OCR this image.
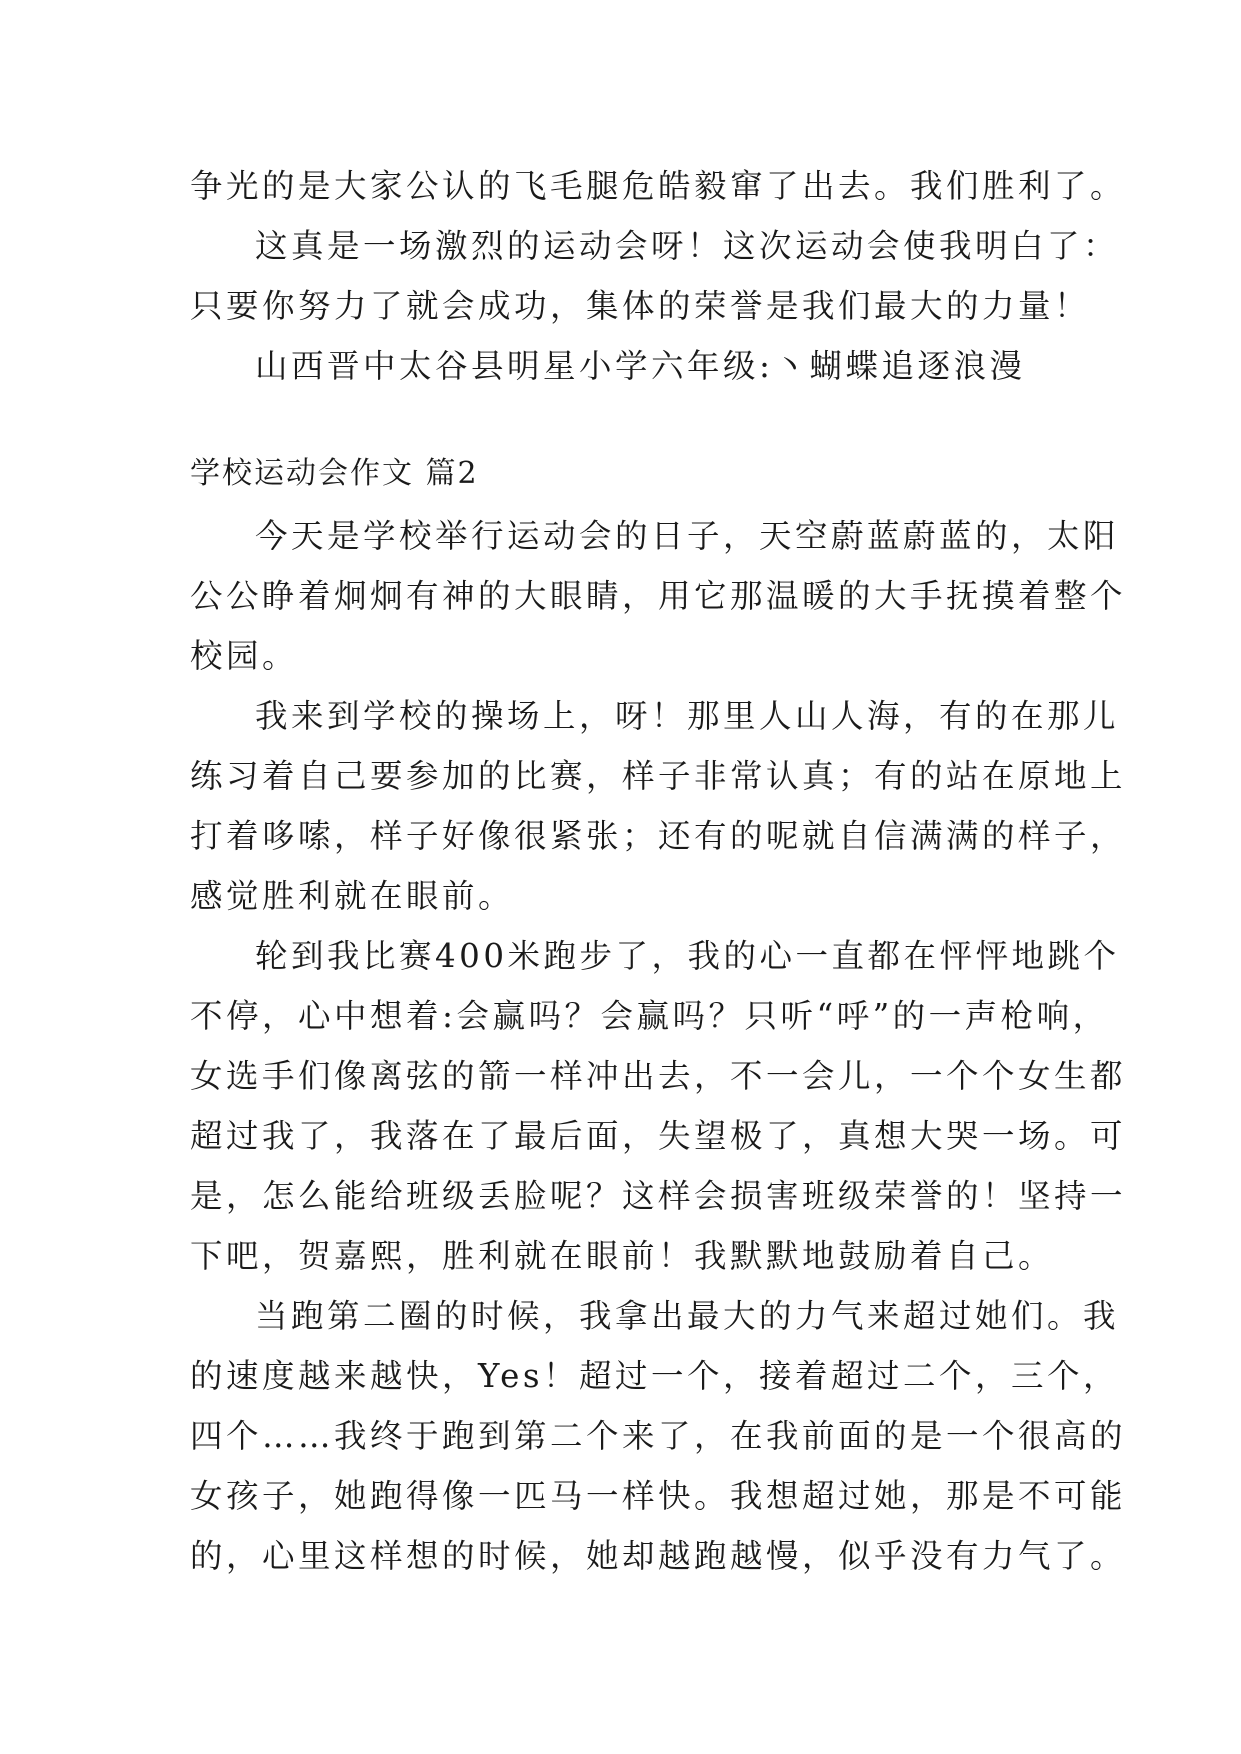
争光的是大家公认的飞毛腿危皓毅窜了出去。我们胜利了。
这真是一场激烈的运动会呀！这次运动会使我明白了：
只要你努力了就会成功，集体的荣誉是我们最大的力量！
山西晋中太谷县明星小学六年级:丶蝴蝶追逐浪漫
学校运动会作文 篇2
今天是学校举行运动会的日子，天空蔚蓝蔚蓝的，太阳
公公睁着炯炯有神的大眼睛，用它那温暖的大手抚摸着整个
校园。
我来到学校的操场上，呀！那里人山人海，有的在那儿
练习着自己要参加的比赛，样子非常认真；有的站在原地上
打着哆嗦，样子好像很紧张；还有的呢就自信满满的样子，
感觉胜利就在眼前。
轮到我比赛400米跑步了，我的心一直都在怦怦地跳个
不停，心中想着:会赢吗？会赢吗？只听“呼”的一声枪响，
女选手们像离弦的箭一样冲出去，不一会儿，一个个女生都
超过我了，我落在了最后面，失望极了，真想大哭一场。可
是，怎么能给班级丢脸呢？这样会损害班级荣誉的！坚持一
下吧，贺嘉熙，胜利就在眼前！我默默地鼓励着自己。
当跑第二圈的时候，我拿出最大的力气来超过她们。我
的速度越来越快，Yes！超过一个，接着超过二个，三个，
四个……我终于跑到第二个来了，在我前面的是一个很高的
女孩子，她跑得像一匹马一样快。我想超过她，那是不可能
的，心里这样想的时候，她却越跑越慢，似乎没有力气了。
